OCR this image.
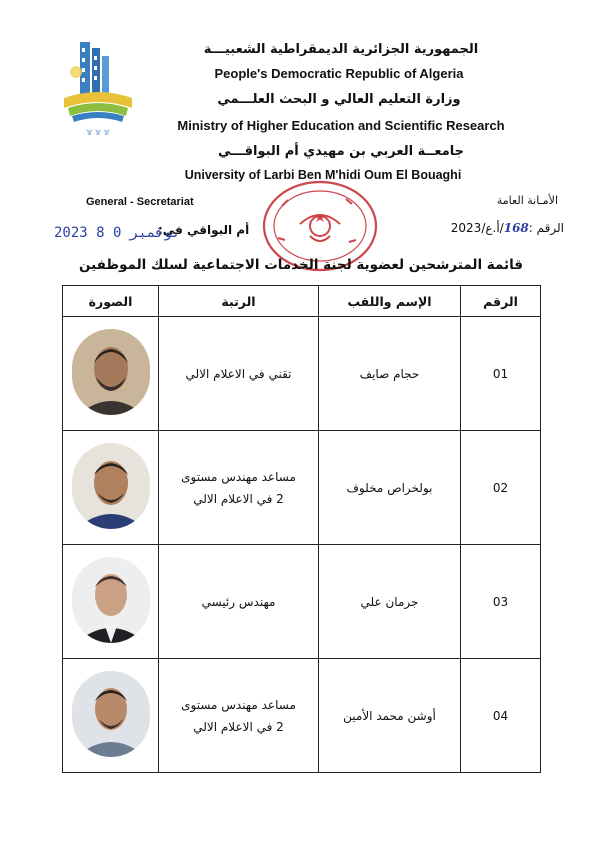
۩ ۩ ۩
الجمهورية الجزائرية الديمقراطية الشعبيـــة
People's Democratic Republic of Algeria
وزارة التعليم العالي و البحث العلـــمي
Ministry of Higher Education and Scientific Research
جامعــة العربي بن مهيدي أم البواقـــي
University of Larbi Ben M'hidi Oum El Bouaghi
General - Secretariat	الأمـانة العامة
الرقم :168/أ.ع/2023
أم البواقي في:
2023 نوفمبر 0 8
قائمة المترشحين لعضوية لجنة الخدمات الاجتماعية لسلك الموظفين
الصورة	الرتبة	الإسم واللقب	الرقم

تقني في الاعلام الالي	حجام صايف	01

مساعد مهندس مستوى 2 في الاعلام الالي	بولخراص مخلوف	02

مهندس رئيسي	جرمان علي	03

مساعد مهندس مستوى 2 في الاعلام الالي	أوشن محمد الأمين	04
